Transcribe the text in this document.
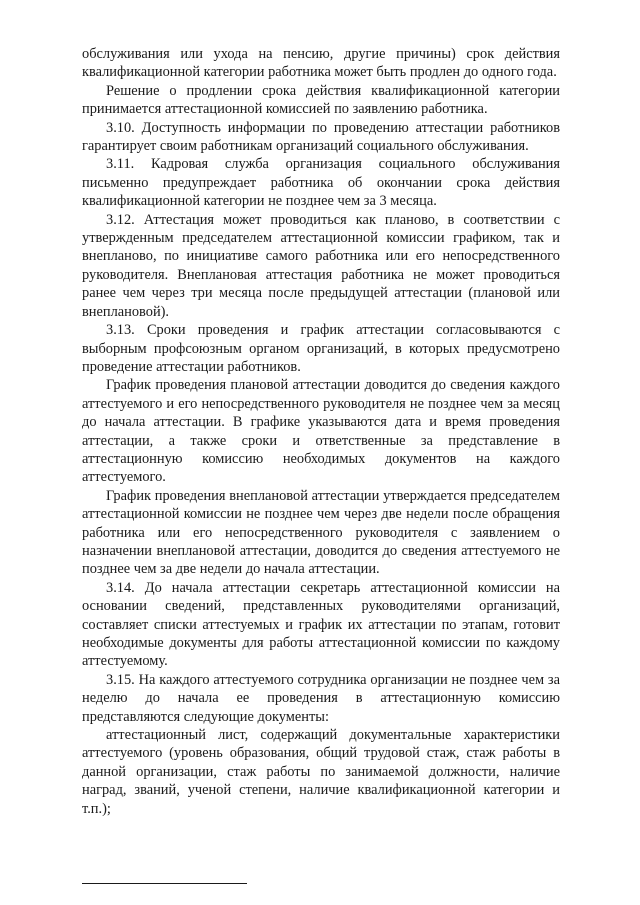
обслуживания или ухода на пенсию, другие причины) срок действия квалификационной категории работника может быть продлен до одного года.

Решение о продлении срока действия квалификационной категории принимается аттестационной комиссией по заявлению работника.

3.10. Доступность информации по проведению аттестации работников гарантирует своим работникам организаций социального обслуживания.

3.11. Кадровая служба организация социального обслуживания письменно предупреждает работника об окончании срока действия квалификационной категории не позднее чем за 3 месяца.

3.12. Аттестация может проводиться как планово, в соответствии с утвержденным председателем аттестационной комиссии графиком, так и внепланово, по инициативе самого работника или его непосредственного руководителя. Внеплановая аттестация работника не может проводиться ранее чем через три месяца после предыдущей аттестации (плановой или внеплановой).

3.13. Сроки проведения и график аттестации согласовываются с выборным профсоюзным органом организаций, в которых предусмотрено проведение аттестации работников.

График проведения плановой аттестации доводится до сведения каждого аттестуемого и его непосредственного руководителя не позднее чем за месяц до начала аттестации. В графике указываются дата и время проведения аттестации, а также сроки и ответственные за представление в аттестационную комиссию необходимых документов на каждого аттестуемого.

График проведения внеплановой аттестации утверждается председателем аттестационной комиссии не позднее чем через две недели после обращения работника или его непосредственного руководителя с заявлением о назначении внеплановой аттестации, доводится до сведения аттестуемого не позднее чем за две недели до начала аттестации.

3.14. До начала аттестации секретарь аттестационной комиссии на основании сведений, представленных руководителями организаций, составляет списки аттестуемых и график их аттестации по этапам, готовит необходимые документы для работы аттестационной комиссии по каждому аттестуемому.

3.15. На каждого аттестуемого сотрудника организации не позднее чем за неделю до начала ее проведения в аттестационную комиссию представляются следующие документы:

аттестационный лист, содержащий документальные характеристики аттестуемого (уровень образования, общий трудовой стаж, стаж работы в данной организации, стаж работы по занимаемой должности, наличие наград, званий, ученой степени, наличие квалификационной категории и т.п.);
